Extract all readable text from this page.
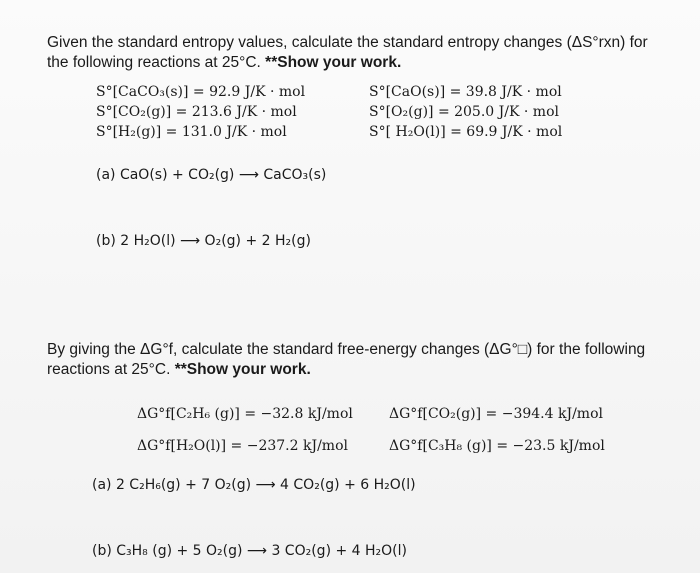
Given the standard entropy values, calculate the standard entropy changes (ΔS°rxn) for the following reactions at 25°C. **Show your work.
S°[CaCO₃(s)] = 92.9 J/K · mol
S°[CO₂(g)] = 213.6 J/K · mol
S°[H₂(g)] = 131.0 J/K · mol
S°[CaO(s)] = 39.8 J/K · mol
S°[O₂(g)] = 205.0 J/K · mol
S°[ H₂O(l)] = 69.9 J/K · mol
(a) CaO(s) + CO₂(g) ⟶ CaCO₃(s)
(b) 2 H₂O(l) ⟶ O₂(g) + 2 H₂(g)
By giving the ΔG°f, calculate the standard free-energy changes (ΔG°□) for the following reactions at 25°C. **Show your work.
ΔG°f[C₂H₆ (g)] = −32.8 kJ/mol
ΔG°f[H₂O(l)] = −237.2 kJ/mol
ΔG°f[CO₂(g)] = −394.4 kJ/mol
ΔG°f[C₃H₈ (g)] = −23.5 kJ/mol
(a) 2 C₂H₆(g) + 7 O₂(g) ⟶ 4 CO₂(g) + 6 H₂O(l)
(b) C₃H₈ (g) + 5 O₂(g) ⟶ 3 CO₂(g) + 4 H₂O(l)
